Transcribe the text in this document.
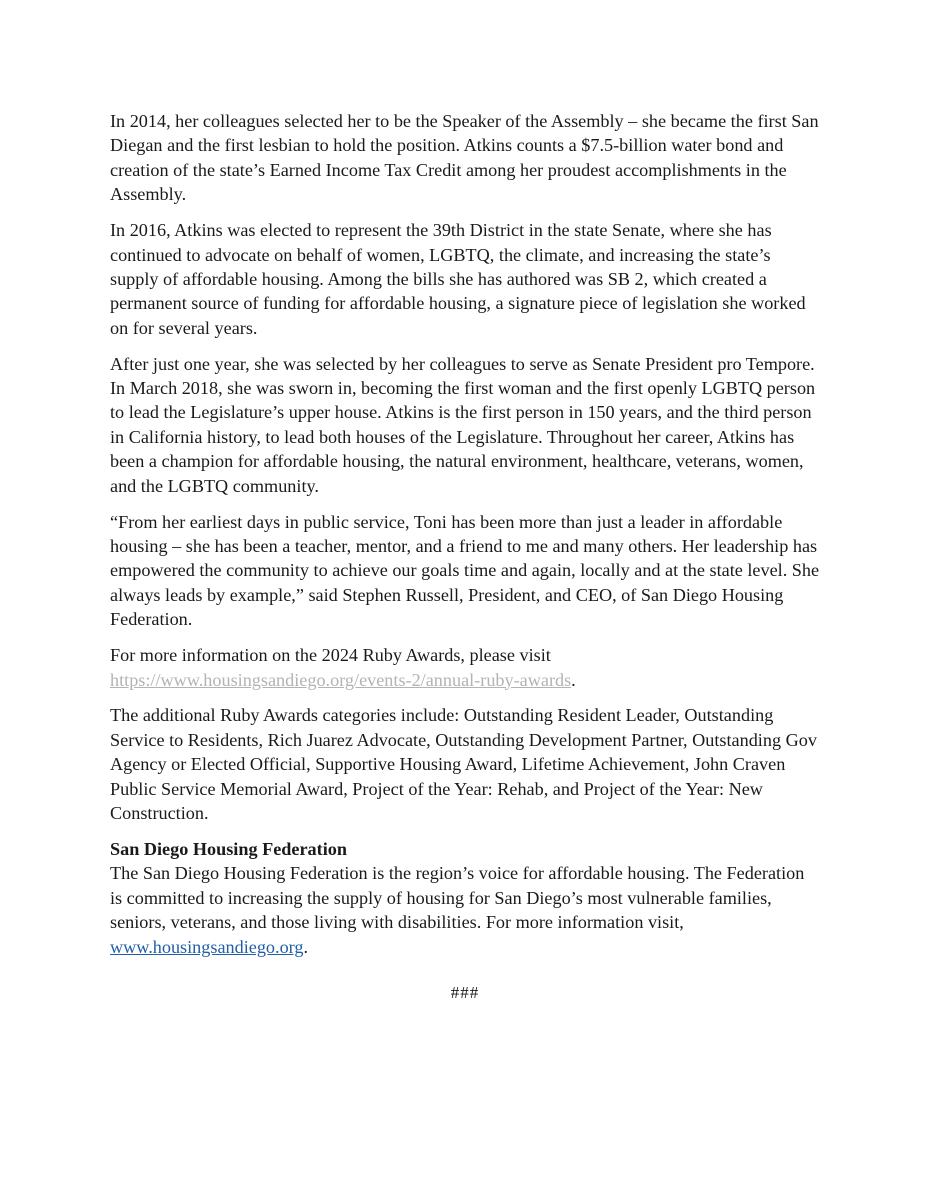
In 2014, her colleagues selected her to be the Speaker of the Assembly – she became the first San Diegan and the first lesbian to hold the position. Atkins counts a $7.5-billion water bond and creation of the state’s Earned Income Tax Credit among her proudest accomplishments in the Assembly.

In 2016, Atkins was elected to represent the 39th District in the state Senate, where she has continued to advocate on behalf of women, LGBTQ, the climate, and increasing the state’s supply of affordable housing. Among the bills she has authored was SB 2, which created a permanent source of funding for affordable housing, a signature piece of legislation she worked on for several years.

After just one year, she was selected by her colleagues to serve as Senate President pro Tempore. In March 2018, she was sworn in, becoming the first woman and the first openly LGBTQ person to lead the Legislature’s upper house. Atkins is the first person in 150 years, and the third person in California history, to lead both houses of the Legislature. Throughout her career, Atkins has been a champion for affordable housing, the natural environment, healthcare, veterans, women, and the LGBTQ community.

“From her earliest days in public service, Toni has been more than just a leader in affordable housing – she has been a teacher, mentor, and a friend to me and many others. Her leadership has empowered the community to achieve our goals time and again, locally and at the state level. She always leads by example,” said Stephen Russell, President, and CEO, of San Diego Housing Federation.

For more information on the 2024 Ruby Awards, please visit https://www.housingsandiego.org/events-2/annual-ruby-awards.

The additional Ruby Awards categories include: Outstanding Resident Leader, Outstanding Service to Residents, Rich Juarez Advocate, Outstanding Development Partner, Outstanding Gov Agency or Elected Official, Supportive Housing Award, Lifetime Achievement, John Craven Public Service Memorial Award, Project of the Year: Rehab, and Project of the Year: New Construction.

San Diego Housing Federation
The San Diego Housing Federation is the region’s voice for affordable housing. The Federation is committed to increasing the supply of housing for San Diego’s most vulnerable families, seniors, veterans, and those living with disabilities. For more information visit, www.housingsandiego.org.

###
